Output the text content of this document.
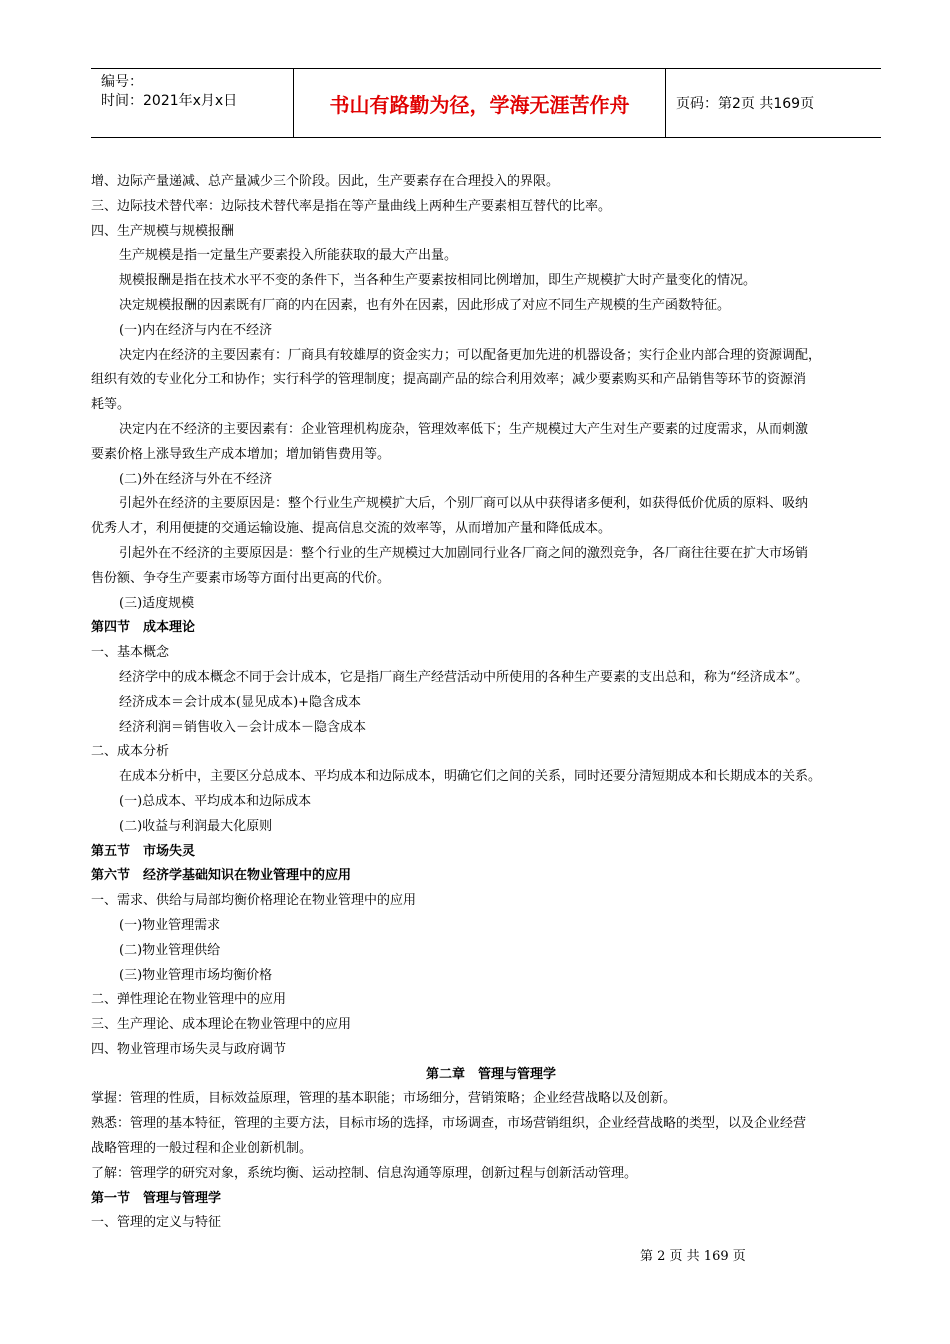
编号：
时间：2021年x月x日	书山有路勤为径，学海无涯苦作舟	页码：第2页 共169页
增、边际产量递减、总产量减少三个阶段。因此，生产要素存在合理投入的界限。
三、边际技术替代率：边际技术替代率是指在等产量曲线上两种生产要素相互替代的比率。
四、生产规模与规模报酬
生产规模是指一定量生产要素投入所能获取的最大产出量。
规模报酬是指在技术水平不变的条件下，当各种生产要素按相同比例增加，即生产规模扩大时产量变化的情况。
决定规模报酬的因素既有厂商的内在因素，也有外在因素，因此形成了对应不同生产规模的生产函数特征。
(一)内在经济与内在不经济
决定内在经济的主要因素有：厂商具有较雄厚的资金实力；可以配备更加先进的机器设备；实行企业内部合理的资源调配，
组织有效的专业化分工和协作；实行科学的管理制度；提高副产品的综合利用效率；减少要素购买和产品销售等环节的资源消
耗等。
决定内在不经济的主要因素有：企业管理机构庞杂，管理效率低下；生产规模过大产生对生产要素的过度需求，从而刺激
要素价格上涨导致生产成本增加；增加销售费用等。
(二)外在经济与外在不经济
引起外在经济的主要原因是：整个行业生产规模扩大后，个别厂商可以从中获得诸多便利，如获得低价优质的原料、吸纳
优秀人才，利用便捷的交通运输设施、提高信息交流的效率等，从而增加产量和降低成本。
引起外在不经济的主要原因是：整个行业的生产规模过大加剧同行业各厂商之间的激烈竞争，各厂商往往要在扩大市场销
售份额、争夺生产要素市场等方面付出更高的代价。
(三)适度规模
第四节　成本理论
一、基本概念
经济学中的成本概念不同于会计成本，它是指厂商生产经营活动中所使用的各种生产要素的支出总和，称为“经济成本”。
经济成本＝会计成本(显见成本)+隐含成本
经济利润＝销售收入－会计成本－隐含成本
二、成本分析
在成本分析中，主要区分总成本、平均成本和边际成本，明确它们之间的关系，同时还要分清短期成本和长期成本的关系。
(一)总成本、平均成本和边际成本
(二)收益与利润最大化原则
第五节　市场失灵
第六节　经济学基础知识在物业管理中的应用
一、需求、供给与局部均衡价格理论在物业管理中的应用
(一)物业管理需求
(二)物业管理供给
(三)物业管理市场均衡价格
二、弹性理论在物业管理中的应用
三、生产理论、成本理论在物业管理中的应用
四、物业管理市场失灵与政府调节
第二章　管理与管理学
掌握：管理的性质，目标效益原理，管理的基本职能；市场细分，营销策略；企业经营战略以及创新。
熟悉：管理的基本特征，管理的主要方法，目标市场的选择，市场调查，市场营销组织，企业经营战略的类型，以及企业经营
战略管理的一般过程和企业创新机制。
了解：管理学的研究对象，系统均衡、运动控制、信息沟通等原理，创新过程与创新活动管理。
第一节　管理与管理学
一、管理的定义与特征
第 2 页 共 169 页
